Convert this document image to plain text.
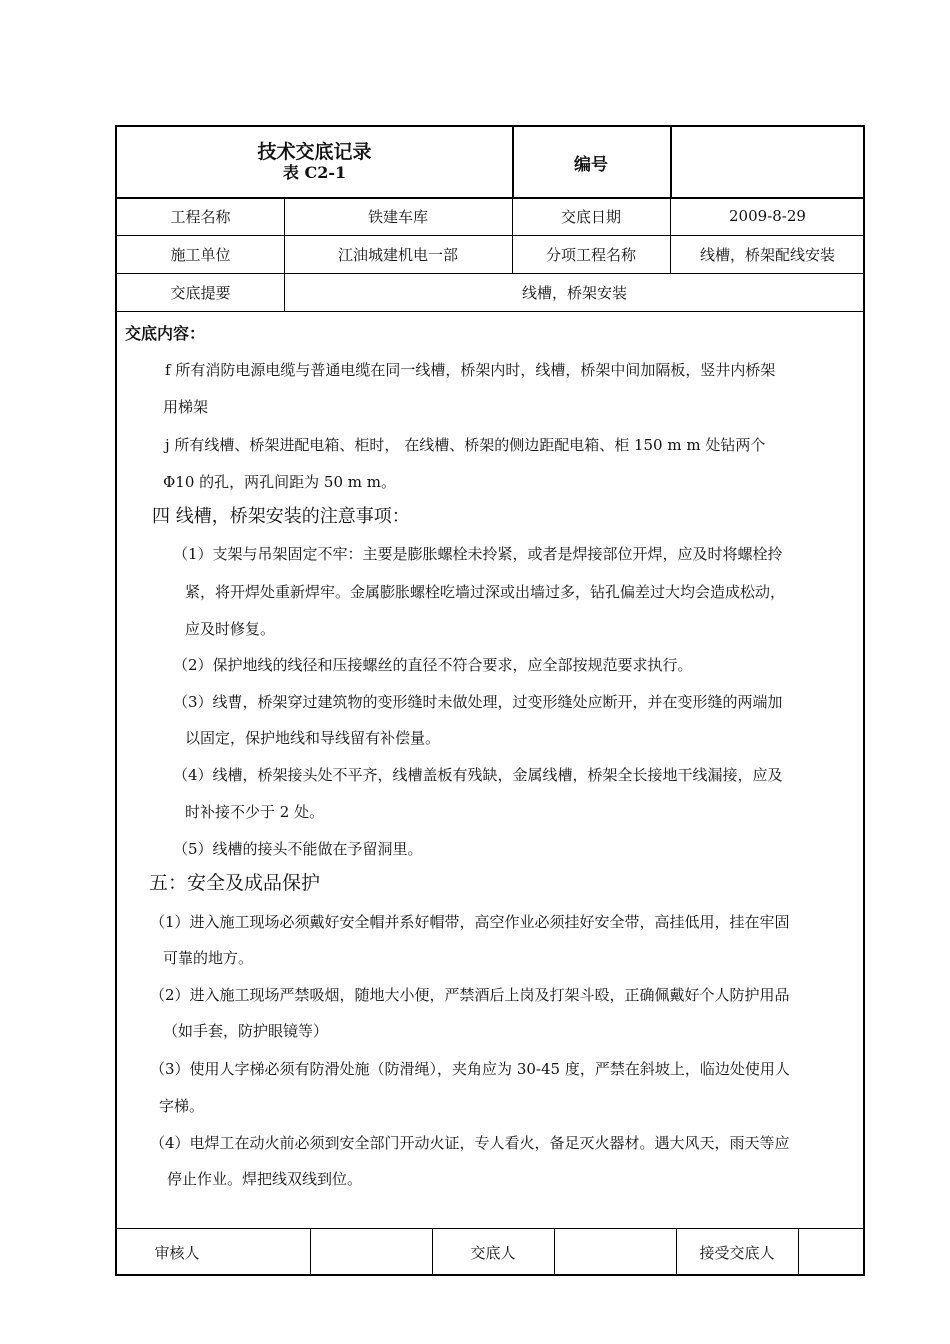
技术交底记录
表 C2-1	编号
工程名称	铁建车库	交底日期	2009-8-29
施工单位	江油城建机电一部	分项工程名称	线槽，桥架配线安装
交底提要	线槽，桥架安装
交底内容：
f 所有消防电源电缆与普通电缆在同一线槽，桥架内时，线槽，桥架中间加隔板，竖井内桥架
用梯架
j 所有线槽、桥架进配电箱、柜时， 在线槽、桥架的侧边距配电箱、柜 150 m m 处钻两个
Φ10 的孔，两孔间距为 50 m m。
四 线槽，桥架安装的注意事项：
（1）支架与吊架固定不牢：主要是膨胀螺栓未拎紧，或者是焊接部位开焊，应及时将螺栓拎
紧，将开焊处重新焊牢。金属膨胀螺栓吃墙过深或出墙过多，钻孔偏差过大均会造成松动，
应及时修复。
（2）保护地线的线径和压接螺丝的直径不符合要求，应全部按规范要求执行。
（3）线曹，桥架穿过建筑物的变形缝时未做处理，过变形缝处应断开，并在变形缝的两端加
以固定，保护地线和导线留有补偿量。
（4）线槽，桥架接头处不平齐，线槽盖板有残缺，金属线槽，桥架全长接地干线漏接，应及
时补接不少于 2 处。
（5）线槽的接头不能做在予留洞里。
五：安全及成品保护
（1）进入施工现场必须戴好安全帽并系好帽带，高空作业必须挂好安全带，高挂低用，挂在牢固
可靠的地方。
（2）进入施工现场严禁吸烟，随地大小便，严禁酒后上岗及打架斗殴，正确佩戴好个人防护用品
（如手套，防护眼镜等）
（3）使用人字梯必须有防滑处施（防滑绳），夹角应为 30-45 度，严禁在斜坡上，临边处使用人
字梯。
（4）电焊工在动火前必须到安全部门开动火证，专人看火，备足灭火器材。遇大风天，雨天等应
停止作业。焊把线双线到位。
审核人	交底人	接受交底人
